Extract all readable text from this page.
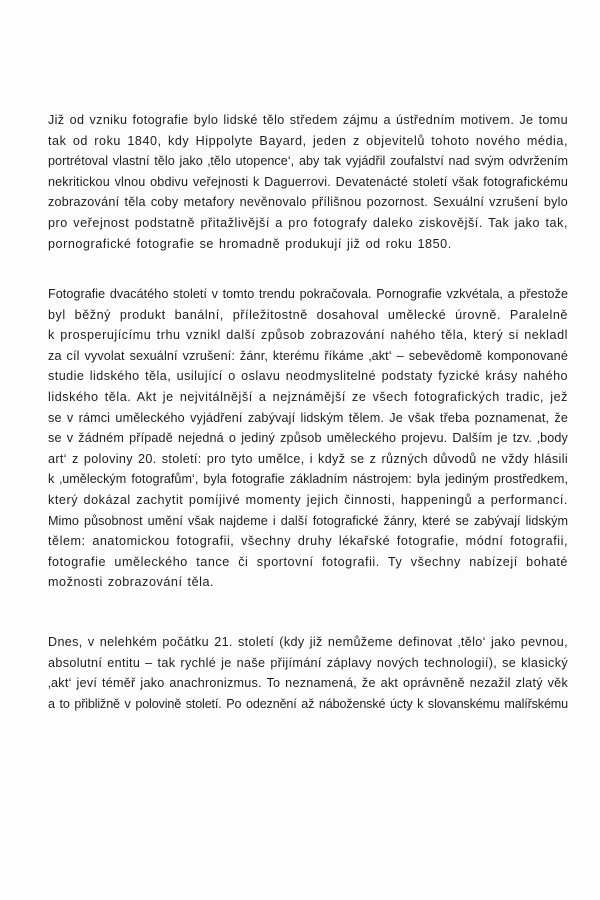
Již od vzniku fotografie bylo lidské tělo středem zájmu a ústředním motivem. Je tomu
tak od roku 1840, kdy Hippolyte Bayard, jeden z objevitelů tohoto nového média,
portrétoval vlastní tělo jako ‚tělo utopence‘, aby tak vyjádřil zoufalství nad svým odvržením
nekritickou vlnou obdivu veřejnosti k Daguerrovi. Devatenácté století však fotografickému
zobrazování těla coby metafory nevěnovalo přílišnou pozornost. Sexuální vzrušení bylo
pro veřejnost podstatně přitažlivější a pro fotografy daleko ziskovější. Tak jako tak,
pornografické fotografie se hromadně produkují již od roku 1850.
Fotografie dvacátého století v tomto trendu pokračovala. Pornografie vzkvétala, a přestože
byl běžný produkt banální, příležitostně dosahoval umělecké úrovně. Paralelně
k prosperujícímu trhu vznikl další způsob zobrazování nahého těla, který si nekladl
za cíl vyvolat sexuální vzrušení: žánr, kterému říkáme ‚akt‘ – sebevědomě komponované
studie lidského těla, usilující o oslavu neodmyslitelné podstaty fyzické krásy nahého
lidského těla. Akt je nejvitálnější a nejznámější ze všech fotografických tradic, jež
se v rámci uměleckého vyjádření zabývají lidským tělem. Je však třeba poznamenat, že
se v žádném případě nejedná o jediný způsob uměleckého projevu. Dalším je tzv. ‚body
art‘ z poloviny 20. století: pro tyto umělce, i když se z různých důvodů ne vždy hlásili
k ‚uměleckým fotografům‘, byla fotografie základním nástrojem: byla jediným prostředkem,
který dokázal zachytit pomíjivé momenty jejich činnosti, happeningů a performancí.
Mimo působnost umění však najdeme i další fotografické žánry, které se zabývají lidským
tělem: anatomickou fotografii, všechny druhy lékařské fotografie, módní fotografii,
fotografie uměleckého tance či sportovní fotografii. Ty všechny nabízejí bohaté
možnosti zobrazování těla.
Dnes, v nelehkém počátku 21. století (kdy již nemůžeme definovat ‚tělo‘ jako pevnou,
absolutní entitu – tak rychlé je naše přijímání záplavy nových technologií), se klasický
‚akt‘ jeví téměř jako anachronizmus. To neznamená, že akt oprávněně nezažil zlatý věk
a to přibližně v polovině století. Po odeznění až náboženské úcty k slovanskému malířskému
